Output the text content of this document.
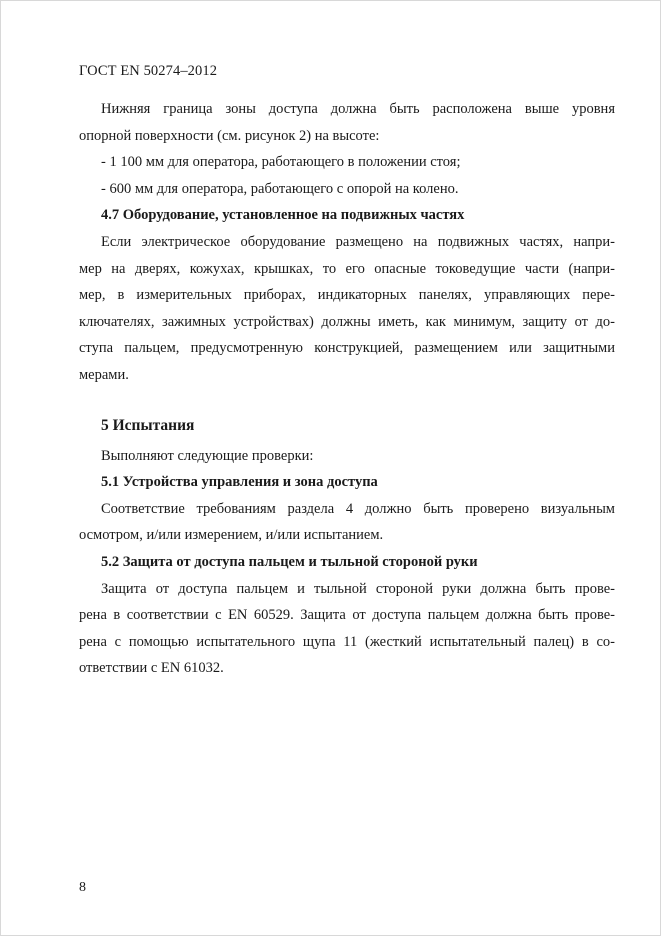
ГОСТ EN 50274–2012
Нижняя граница зоны доступа должна быть расположена выше уровня
опорной поверхности (см. рисунок 2) на высоте:
- 1 100 мм для оператора, работающего в положении стоя;
- 600 мм для оператора, работающего с опорой на колено.
4.7 Оборудование, установленное на подвижных частях
Если электрическое оборудование размещено на подвижных частях, напри-
мер на дверях, кожухах, крышках, то его опасные токоведущие части (напри-
мер, в измерительных приборах, индикаторных панелях, управляющих пере-
ключателях, зажимных устройствах) должны иметь, как минимум, защиту от до-
ступа пальцем, предусмотренную конструкцией, размещением или защитными
мерами.
5 Испытания
Выполняют следующие проверки:
5.1 Устройства управления и зона доступа
Соответствие требованиям раздела 4 должно быть проверено визуальным
осмотром, и/или измерением, и/или испытанием.
5.2 Защита от доступа пальцем и тыльной стороной руки
Защита от доступа пальцем и тыльной стороной руки должна быть прове-
рена в соответствии с EN 60529. Защита от доступа пальцем должна быть прове-
рена с помощью испытательного щупа 11 (жесткий испытательный палец) в со-
ответствии с EN 61032.
8
